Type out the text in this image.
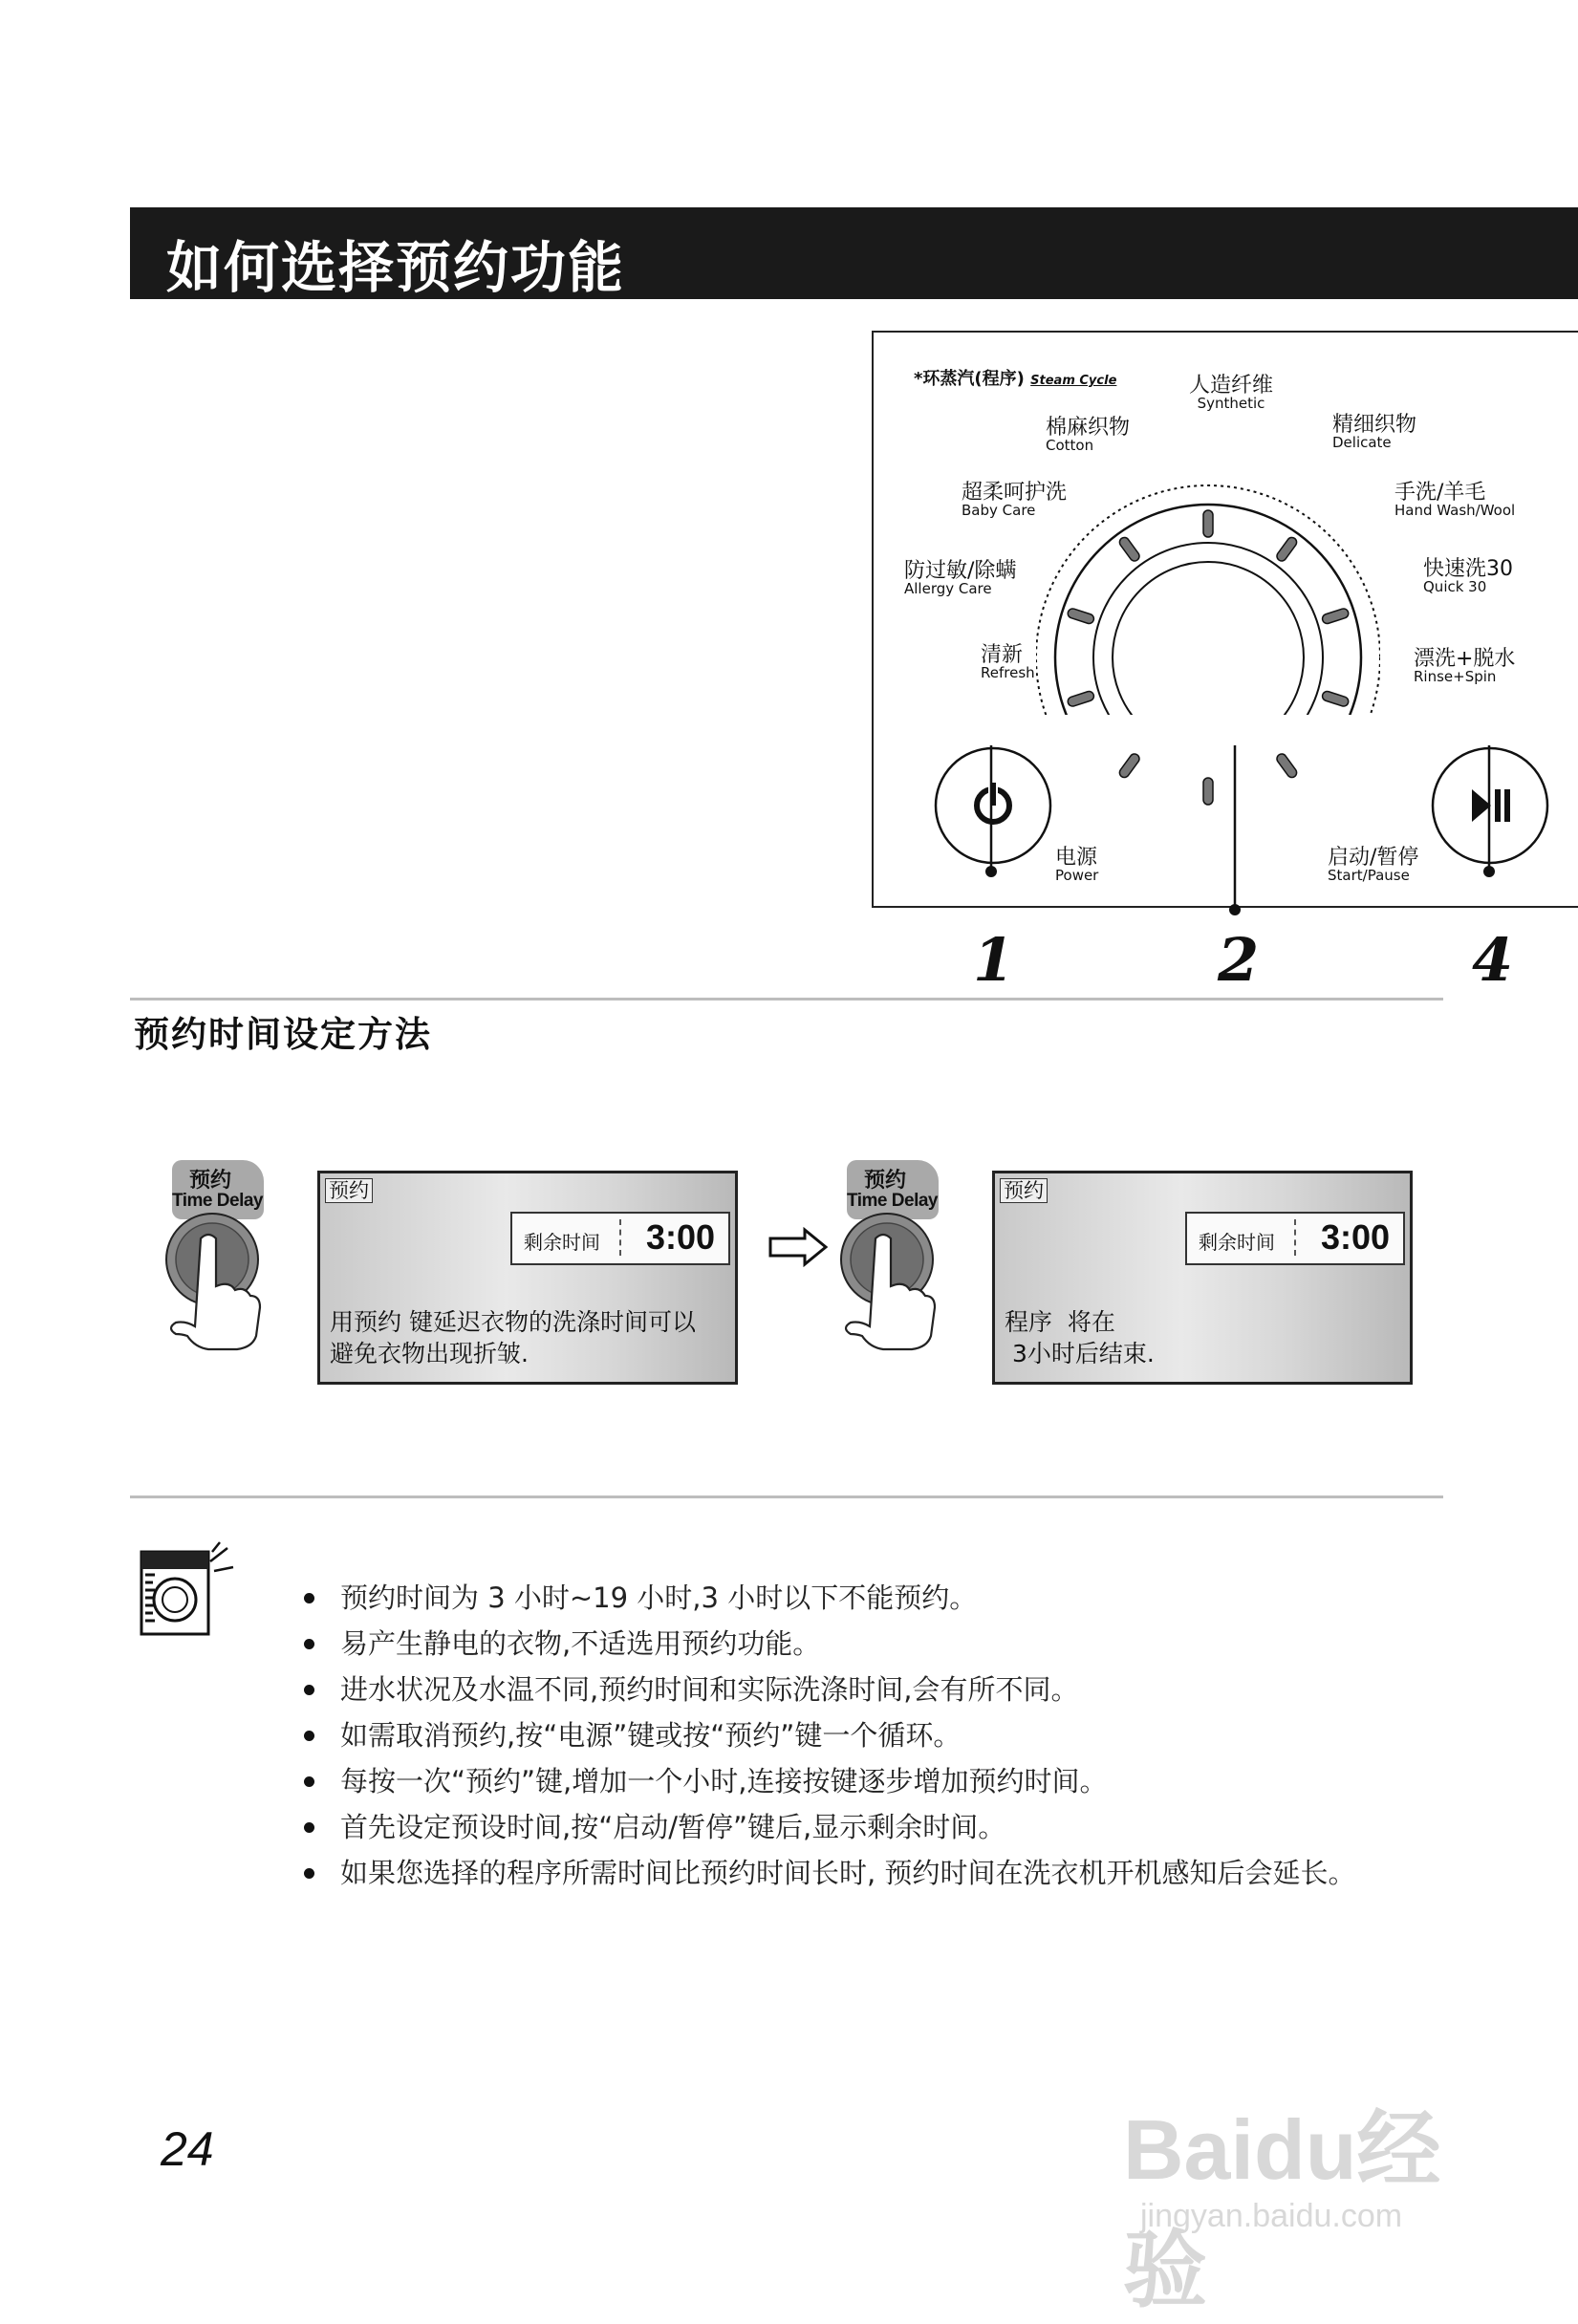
如何选择预约功能
*环蒸汽(程序) Steam Cycle	人造纤维
Synthetic
精细织物
Delicate
手洗/羊毛
Hand Wash/Wool
快速洗30
Quick 30
漂洗+脱水
Rinse+Spin
清新
Refresh
防过敏/除螨
Allergy Care
超柔呵护洗
Baby Care
棉麻织物
Cotton
电源
Power
启动/暂停
Start/Pause
1	2	4
预约时间设定方法
预约
Time Delay	预约
剩余时间 3:00
用预约 键延迟衣物的洗涤时间可以
避免衣物出现折皱.
预约
Time Delay	预约
剩余时间 3:00
程序  将在
3小时后结束.
预约时间为 3 小时~19 小时,3 小时以下不能预约。
易产生静电的衣物,不适选用预约功能。
进水状况及水温不同,预约时间和实际洗涤时间,会有所不同。
如需取消预约,按“电源”键或按“预约”键一个循环。
每按一次“预约”键,增加一个小时,连接按键逐步增加预约时间。
首先设定预设时间,按“启动/暂停”键后,显示剩余时间。
如果您选择的程序所需时间比预约时间长时, 预约时间在洗衣机开机感知后会延长。
24	Baidu经验
jingyan.baidu.com
